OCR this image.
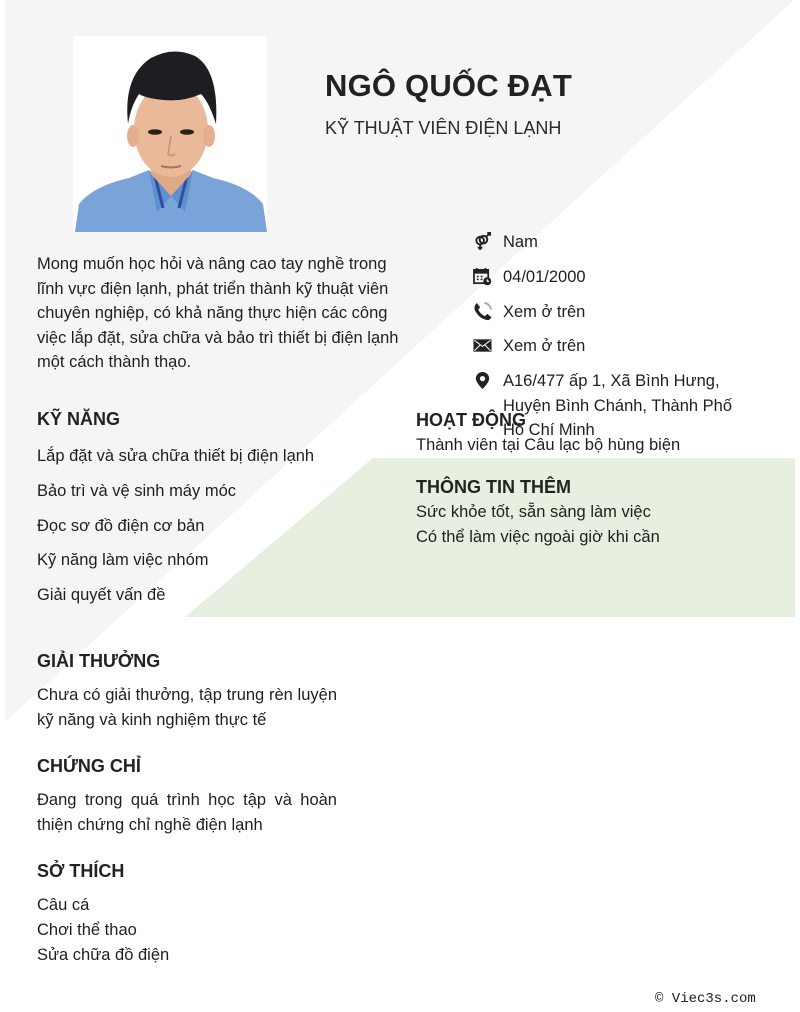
NGÔ QUỐC ĐẠT
KỸ THUẬT VIÊN ĐIỆN LẠNH
Mong muốn học hỏi và nâng cao tay nghề trong lĩnh vực điện lạnh, phát triển thành kỹ thuật viên chuyên nghiệp, có khả năng thực hiện các công việc lắp đặt, sửa chữa và bảo trì thiết bị điện lạnh một cách thành thạo.
Nam
04/01/2000
Xem ở trên
Xem ở trên
A16/477 ấp 1, Xã Bình Hưng, Huyện Bình Chánh, Thành Phố Hồ Chí Minh
KỸ NĂNG
Lắp đặt và sửa chữa thiết bị điện lạnh
Bảo trì và vệ sinh máy móc
Đọc sơ đồ điện cơ bản
Kỹ năng làm việc nhóm
Giải quyết vấn đề
GIẢI THƯỞNG
Chưa có giải thưởng, tập trung rèn luyện kỹ năng và kinh nghiệm thực tế
CHỨNG CHỈ
Đang trong quá trình học tập và hoàn thiện chứng chỉ nghề điện lạnh
SỞ THÍCH
Câu cá
Chơi thể thao
Sửa chữa đồ điện
HOẠT ĐỘNG
Thành viên tại Câu lạc bộ hùng biện
THÔNG TIN THÊM
Sức khỏe tốt, sẵn sàng làm việc
Có thể làm việc ngoài giờ khi cần
© Viec3s.com
